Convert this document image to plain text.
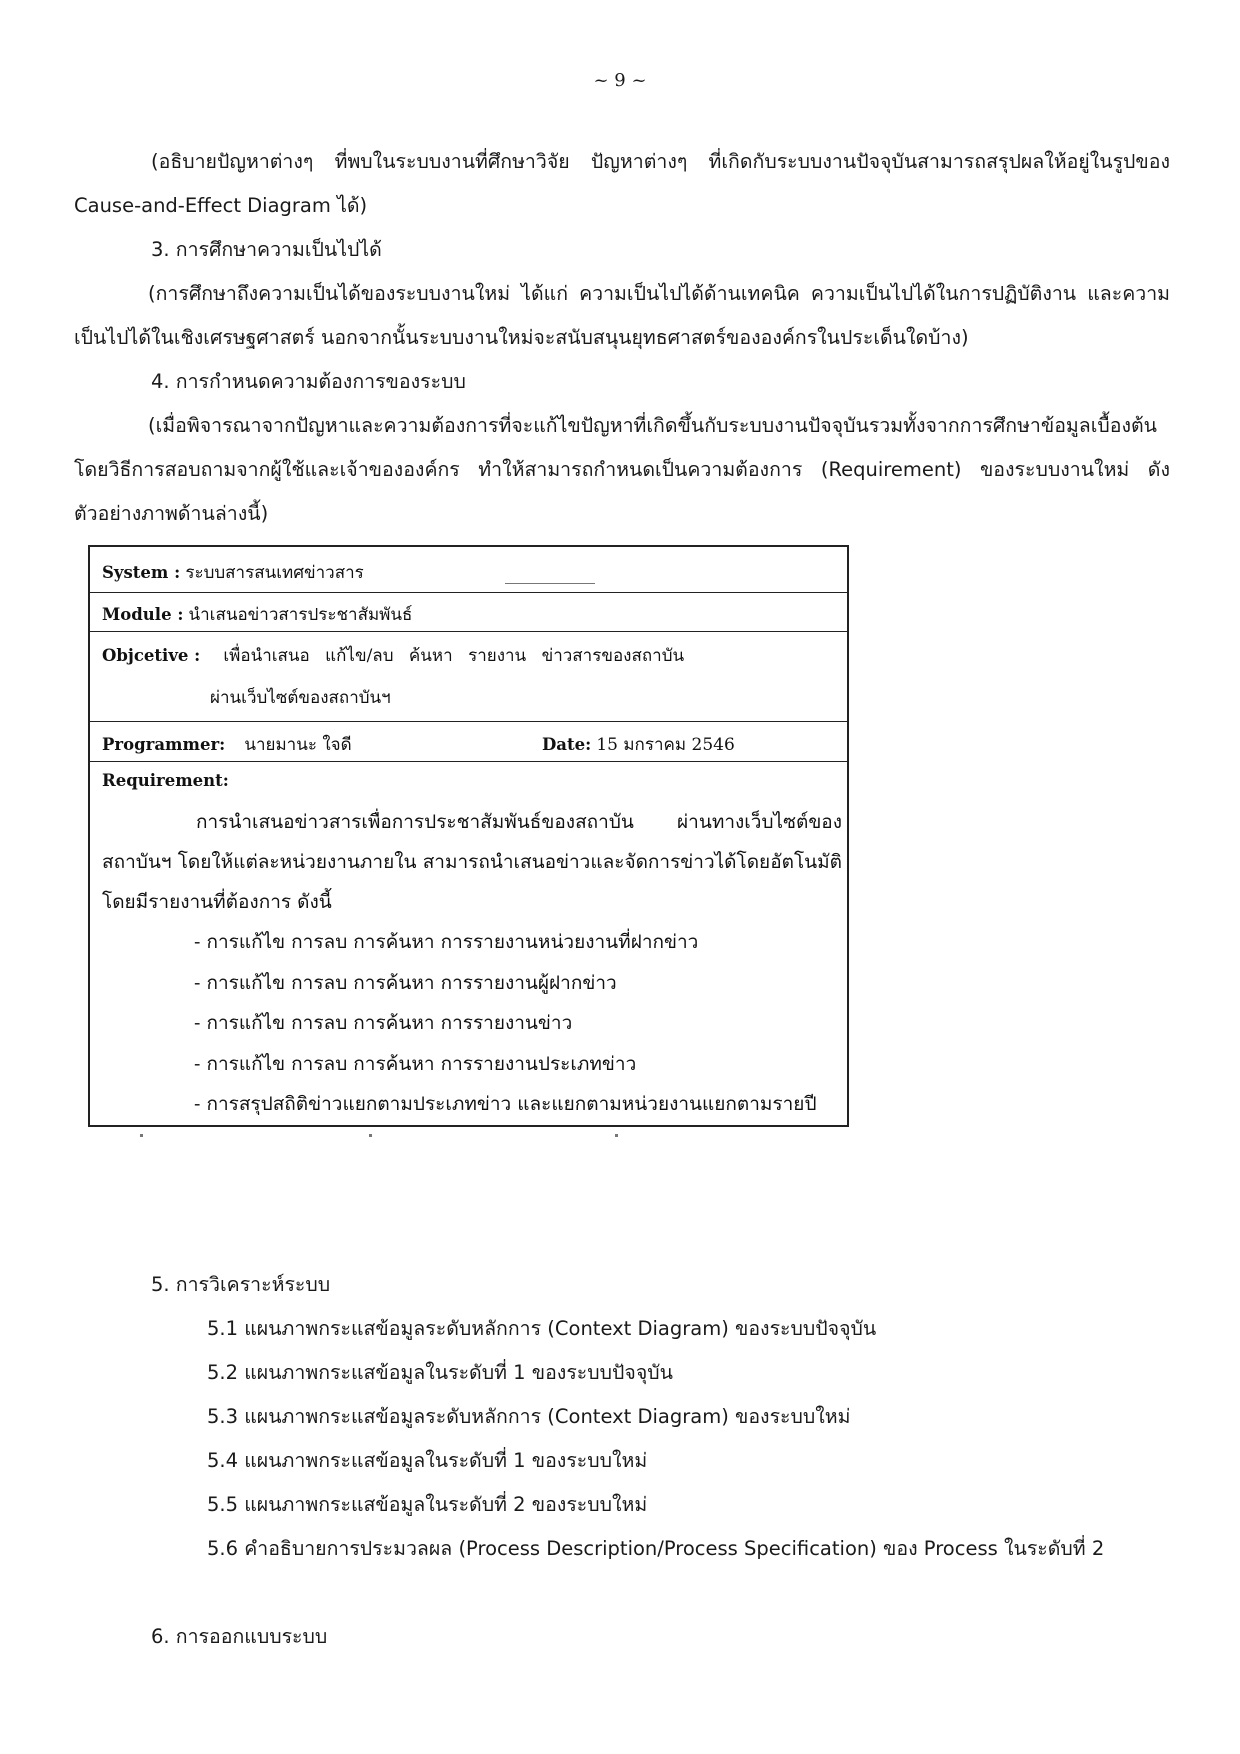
~ 9 ~

(อธิบายปัญหาต่างๆ ที่พบในระบบงานที่ศึกษาวิจัย ปัญหาต่างๆ ที่เกิดกับระบบงานปัจจุบันสามารถสรุปผลให้อยู่ในรูปของ Cause-and-Effect Diagram ได้)

3. การศึกษาความเป็นไปได้

(การศึกษาถึงความเป็นได้ของระบบงานใหม่ ได้แก่ ความเป็นไปได้ด้านเทคนิค ความเป็นไปได้ในการปฏิบัติงาน และความเป็นไปได้ในเชิงเศรษฐศาสตร์ นอกจากนั้นระบบงานใหม่จะสนับสนุนยุทธศาสตร์ขององค์กรในประเด็นใดบ้าง)

4. การกำหนดความต้องการของระบบ

(เมื่อพิจารณาจากปัญหาและความต้องการที่จะแก้ไขปัญหาที่เกิดขึ้นกับระบบงานปัจจุบันรวมทั้งจากการศึกษาข้อมูลเบื้องต้น โดยวิธีการสอบถามจากผู้ใช้และเจ้าขององ​ค์กร ทำให้สามารถกำหนดเป็นความต้องการ (Requirement) ของระบบงานใหม่ ดังตัวอย่างภาพด้านล่างนี้)

System : ระบบสารสนเทศข่าวสาร
Module : นำเสนอข่าวสารประชาสัมพันธ์
Objcetive : เพื่อนำเสนอ แก้ไข/ลบ ค้นหา รายงาน ข่าวสารของสถาบัน
ผ่านเว็บไซต์ของสถาบันฯ
Programmer: นายมานะ ใจดี	Date: 15 มกราคม 2546
Requirement:

การนำเสนอข่าวสารเพื่อการประชาสัมพันธ์ของสถาบัน ผ่านทางเว็บไซต์ของสถาบันฯ โดยให้แต่ละหน่วยงานภายใน สามารถนำเสนอข่าวและจัดการข่าวได้โดยอัตโนมัติ โดยมีรายงานที่ต้องการ ดังนี้

- การแก้ไข การลบ การค้นหา การรายงานหน่วยงานที่ฝากข่าว
- การแก้ไข การลบ การค้นหา การรายงานผู้ฝากข่าว
- การแก้ไข การลบ การค้นหา การรายงานข่าว
- การแก้ไข การลบ การค้นหา การรายงานประเภทข่าว
- การสรุปสถิติข่าวแยกตามประเภทข่าว และแยกตามหน่วยงานแยกตามรายปี

5. การวิเคราะห์ระบบ

5.1 แผนภาพกระแสข้อมูลระดับหลักการ (Context Diagram) ของระบบปัจจุบัน

5.2 แผนภาพกระแสข้อมูลในระดับที่ 1 ของระบบปัจจุบัน

5.3 แผนภาพกระแสข้อมูลระดับหลักการ (Context Diagram) ของระบบใหม่

5.4 แผนภาพกระแสข้อมูลในระดับที่ 1 ของระบบใหม่

5.5 แผนภาพกระแสข้อมูลในระดับที่ 2 ของระบบใหม่

5.6 คำอธิบายการประมวลผล (Process Description/Process Specification) ของ Process ในระดับที่ 2

6. การออกแบบระบบ
